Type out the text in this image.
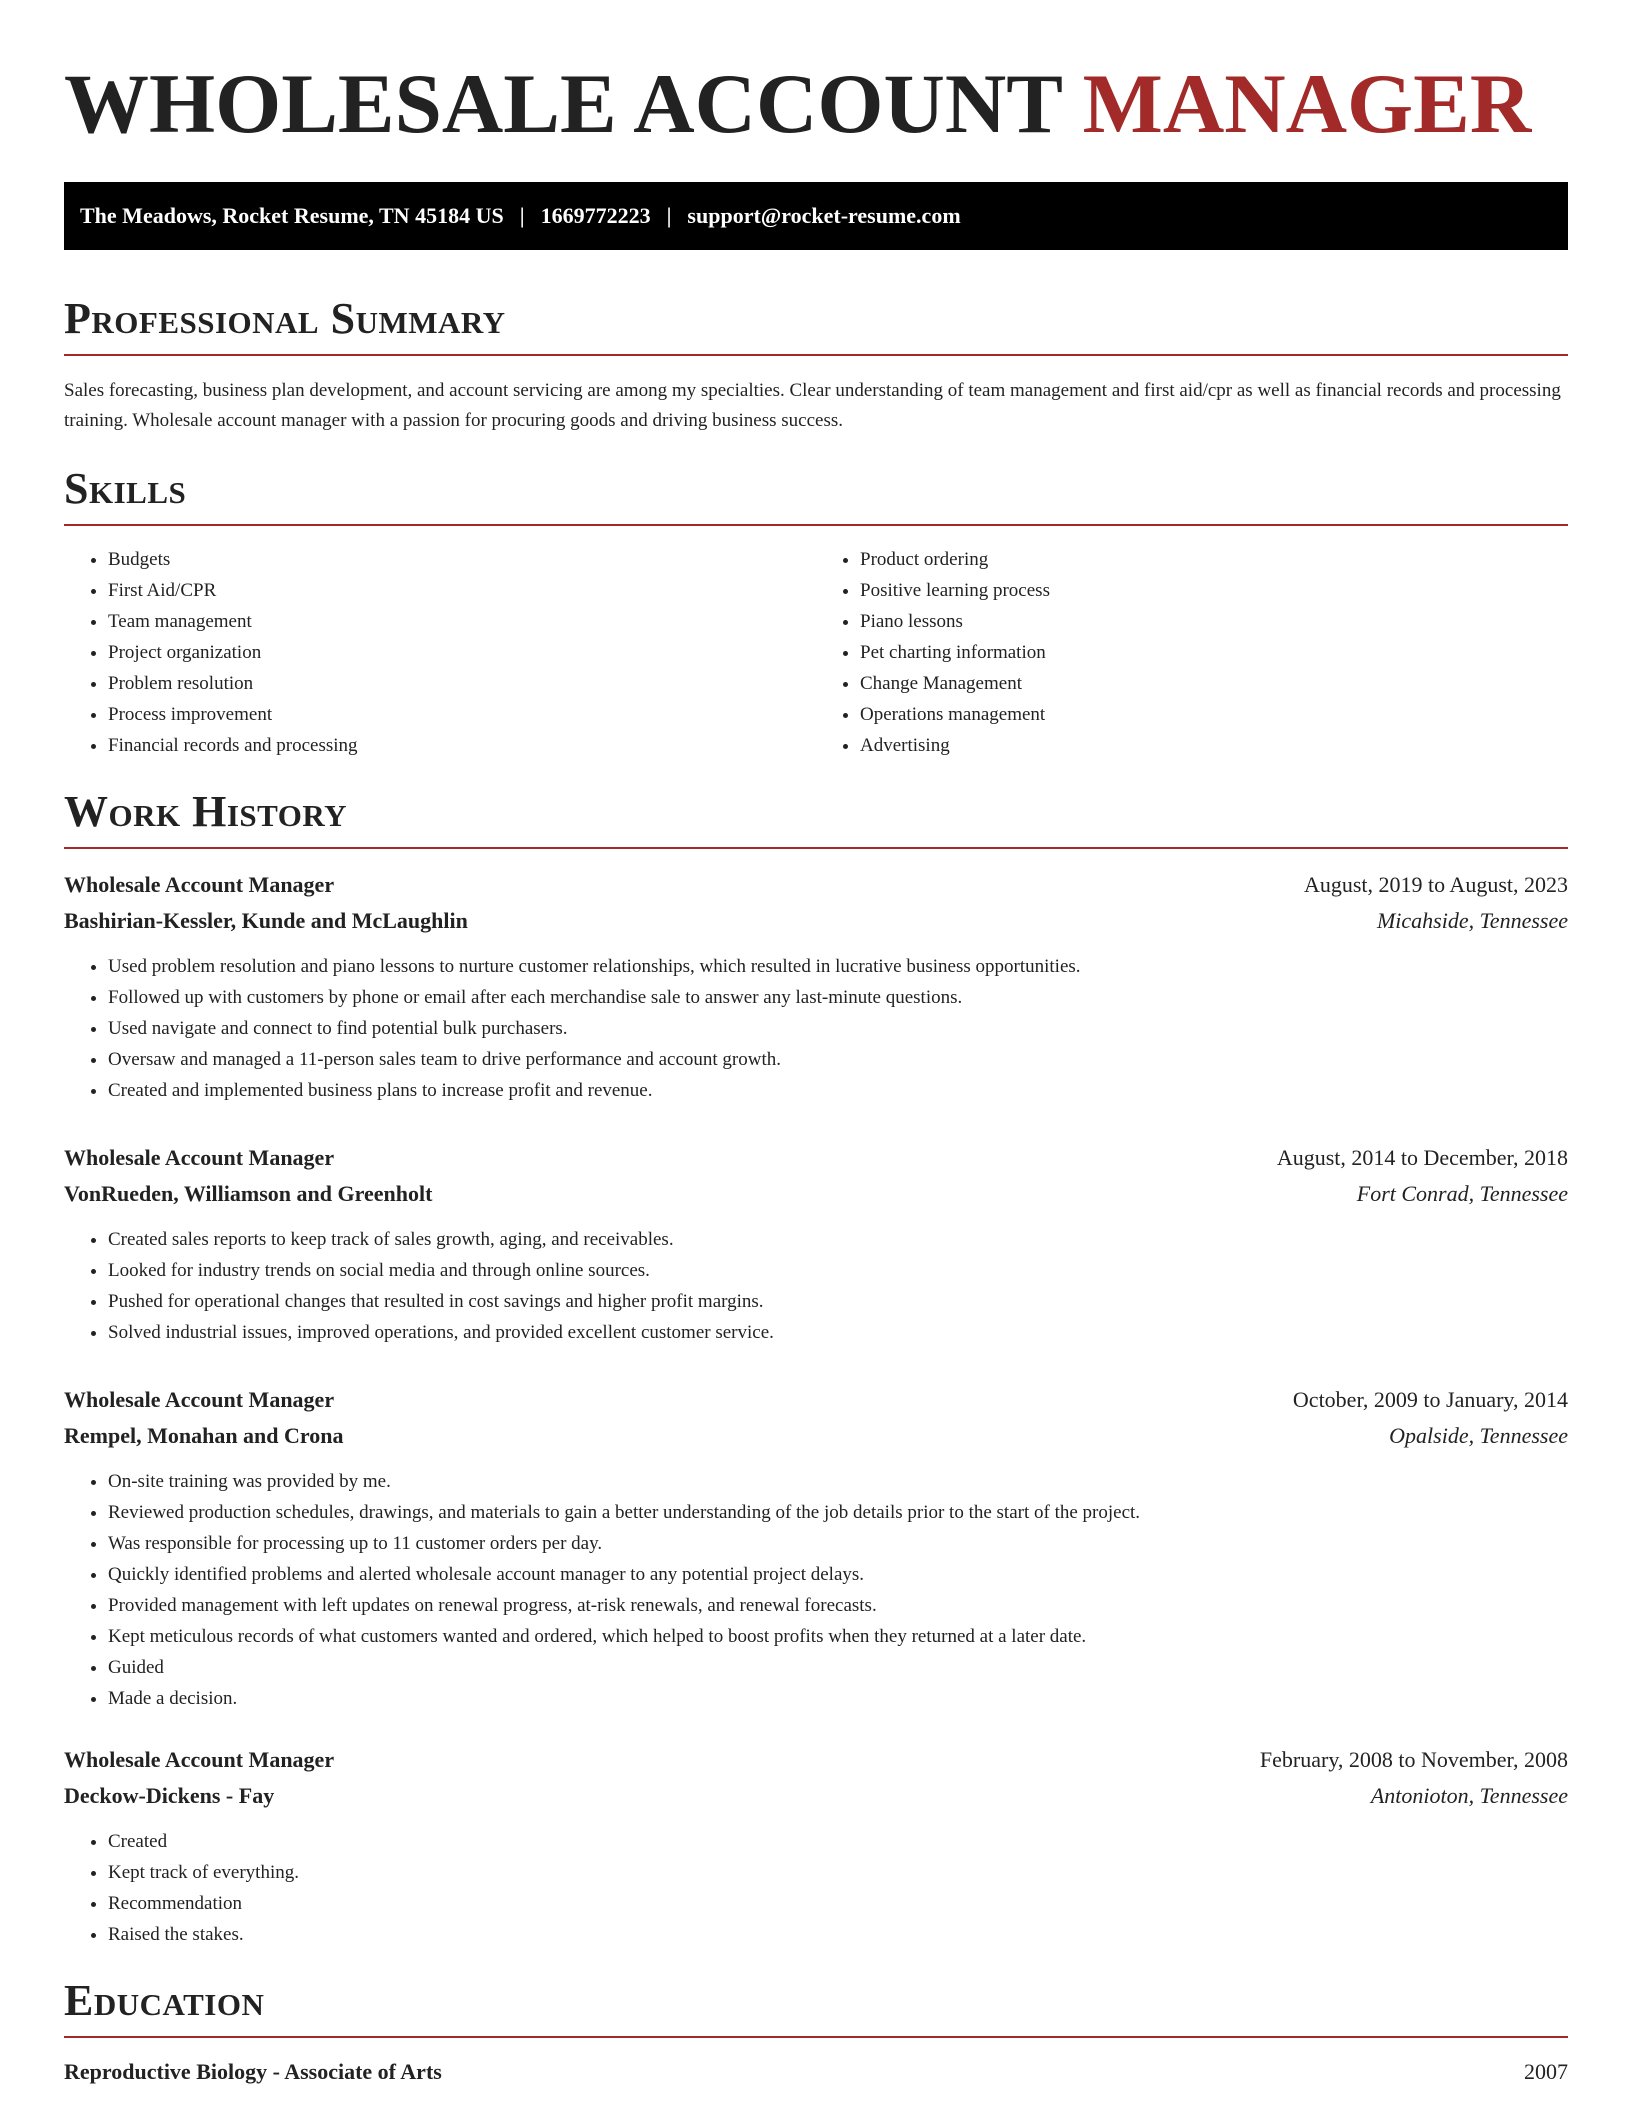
WHOLESALE ACCOUNT MANAGER
The Meadows, Rocket Resume, TN 45184 US | 1669772223 | support@rocket-resume.com
Professional Summary

Sales forecasting, business plan development, and account servicing are among my specialties. Clear understanding of team management and first aid/cpr as well as financial records and processing training. Wholesale account manager with a passion for procuring goods and driving business success.

Skills
• Budgets
• First Aid/CPR
• Team management
• Project organization
• Problem resolution
• Process improvement
• Financial records and processing
• Product ordering
• Positive learning process
• Piano lessons
• Pet charting information
• Change Management
• Operations management
• Advertising
Work History
Wholesale Account Manager	August, 2019 to August, 2023
Bashirian-Kessler, Kunde and McLaughlin	Micahside, Tennessee
• Used problem resolution and piano lessons to nurture customer relationships, which resulted in lucrative business opportunities.
• Followed up with customers by phone or email after each merchandise sale to answer any last-minute questions.
• Used navigate and connect to find potential bulk purchasers.
• Oversaw and managed a 11-person sales team to drive performance and account growth.
• Created and implemented business plans to increase profit and revenue.
Wholesale Account Manager	August, 2014 to December, 2018
VonRueden, Williamson and Greenholt	Fort Conrad, Tennessee
• Created sales reports to keep track of sales growth, aging, and receivables.
• Looked for industry trends on social media and through online sources.
• Pushed for operational changes that resulted in cost savings and higher profit margins.
• Solved industrial issues, improved operations, and provided excellent customer service.
Wholesale Account Manager	October, 2009 to January, 2014
Rempel, Monahan and Crona	Opalside, Tennessee
• On-site training was provided by me.
• Reviewed production schedules, drawings, and materials to gain a better understanding of the job details prior to the start of the project.
• Was responsible for processing up to 11 customer orders per day.
• Quickly identified problems and alerted wholesale account manager to any potential project delays.
• Provided management with left updates on renewal progress, at-risk renewals, and renewal forecasts.
• Kept meticulous records of what customers wanted and ordered, which helped to boost profits when they returned at a later date.
• Guided
• Made a decision.
Wholesale Account Manager	February, 2008 to November, 2008
Deckow-Dickens - Fay	Antonioton, Tennessee
• Created
• Kept track of everything.
• Recommendation
• Raised the stakes.
Education
Reproductive Biology - Associate of Arts	2007
